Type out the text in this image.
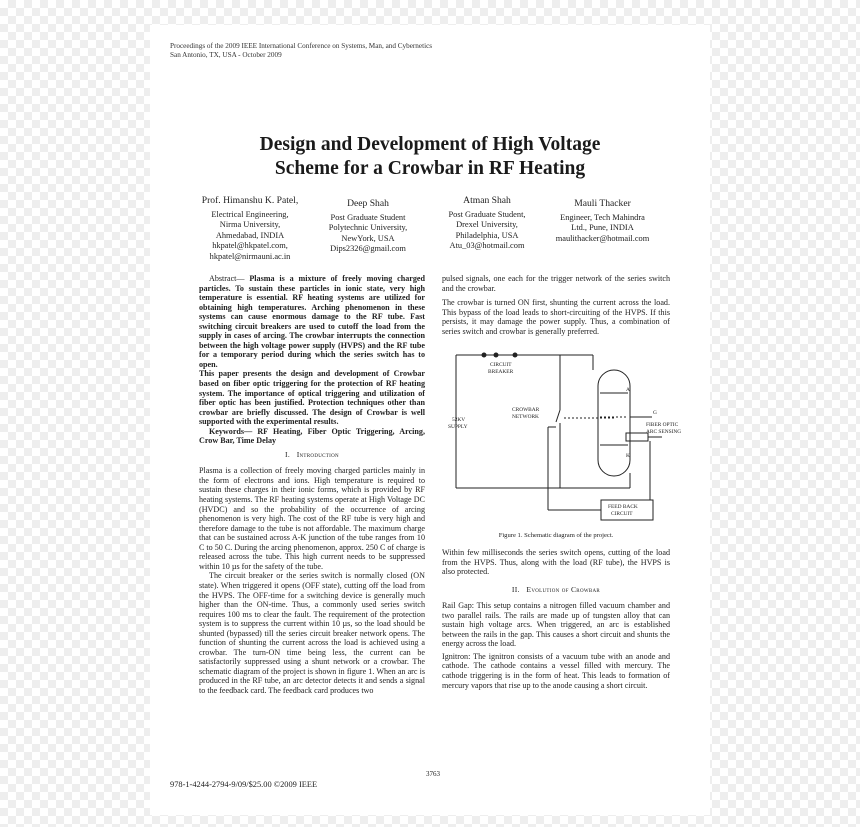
Proceedings of the 2009 IEEE International Conference on Systems, Man, and Cybernetics
San Antonio, TX, USA - October 2009
Design and Development of High Voltage
Scheme for a Crowbar in RF Heating
Prof. Himanshu K. Patel,
Electrical Engineering,
Nirma University,
Ahmedabad, INDIA
hkpatel@hkpatel.com,
hkpatel@nirmauni.ac.in
Deep Shah
Post Graduate Student
Polytechnic University,
NewYork, USA
Dips2326@gmail.com
Atman Shah
Post Graduate Student,
Drexel University,
Philadelphia, USA
Atu_03@hotmail.com
Mauli Thacker
Engineer, Tech Mahindra
Ltd., Pune, INDIA
maulithacker@hotmail.com

Abstract— Plasma is a mixture of freely moving charged particles. To sustain these particles in ionic state, very high temperature is essential. RF heating systems are utilized for obtaining high temperatures. Arching phenomenon in these systems can cause enormous damage to the RF tube. Fast switching circuit breakers are used to cutoff the load from the supply in cases of arcing. The crowbar interrupts the connection between the high voltage power supply (HVPS) and the RF tube for a temporary period during which the series switch has to open.

This paper presents the design and development of Crowbar based on fiber optic triggering for the protection of RF heating system. The importance of optical triggering and utilization of fiber optic has been justified. Protection techniques other than crowbar are briefly discussed. The design of Crowbar is well supported with the experimental results.

Keywords— RF Heating, Fiber Optic Triggering, Arcing, Crow Bar, Time Delay

I. Introduction

Plasma is a collection of freely moving charged particles mainly in the form of electrons and ions. High temperature is required to sustain these charges in their ionic forms, which is provided by RF heating systems. The RF heating systems operate at High Voltage DC (HVDC) and so the probability of the occurrence of arcing phenomenon is very high. The cost of the RF tube is very high and therefore damage to the tube is not affordable. The maximum charge that can be sustained across A-K junction of the tube ranges from 10 C to 50 C. During the arcing phenomenon, approx. 250 C of charge is released across the tube. This high current needs to be suppressed within 10 µs for the safety of the tube.

The circuit breaker or the series switch is normally closed (ON state). When triggered it opens (OFF state), cutting off the load from the HVPS. The OFF-time for a switching device is generally much higher than the ON-time. Thus, a commonly used series switch requires 100 ms to clear the fault. The requirement of the protection system is to suppress the current within 10 µs, so the load should be shunted (bypassed) till the series circuit breaker network opens. The function of shunting the current across the load is achieved using a crowbar. The turn-ON time being less, the current can be satisfactorily suppressed using a shunt network or a crowbar. The schematic diagram of the project is shown in figure 1. When an arc is produced in the RF tube, an arc detector detects it and sends a signal to the feedback card. The feedback card produces two

pulsed signals, one each for the trigger network of the series switch and the crowbar.

The crowbar is turned ON first, shunting the current across the load. This bypass of the load leads to short-circuiting of the HVPS. If this persists, it may damage the power supply. Thus, a combination of series switch and crowbar is generally preferred.

CIRCUIT
BREAKER
CROWBAR
NETWORK
52KV
SUPPLY
A
G
K
FIBER OPTIC
ARC SENSING
FEED BACK
CIRCUIT
Figure 1. Schematic diagram of the project.

Within few milliseconds the series switch opens, cutting of the load from the HVPS. Thus, along with the load (RF tube), the HVPS is also protected.

II. Evolution of Crowbar

Rail Gap: This setup contains a nitrogen filled vacuum chamber and two parallel rails. The rails are made up of tungsten alloy that can sustain high voltage arcs. When triggered, an arc is established between the rails in the gap. This causes a short circuit and shunts the energy across the load.

Ignitron: The ignitron consists of a vacuum tube with an anode and cathode. The cathode contains a vessel filled with mercury. The cathode triggering is in the form of heat. This leads to formation of mercury vapors that rise up to the anode causing a short circuit.

3763
978-1-4244-2794-9/09/$25.00 ©2009 IEEE
